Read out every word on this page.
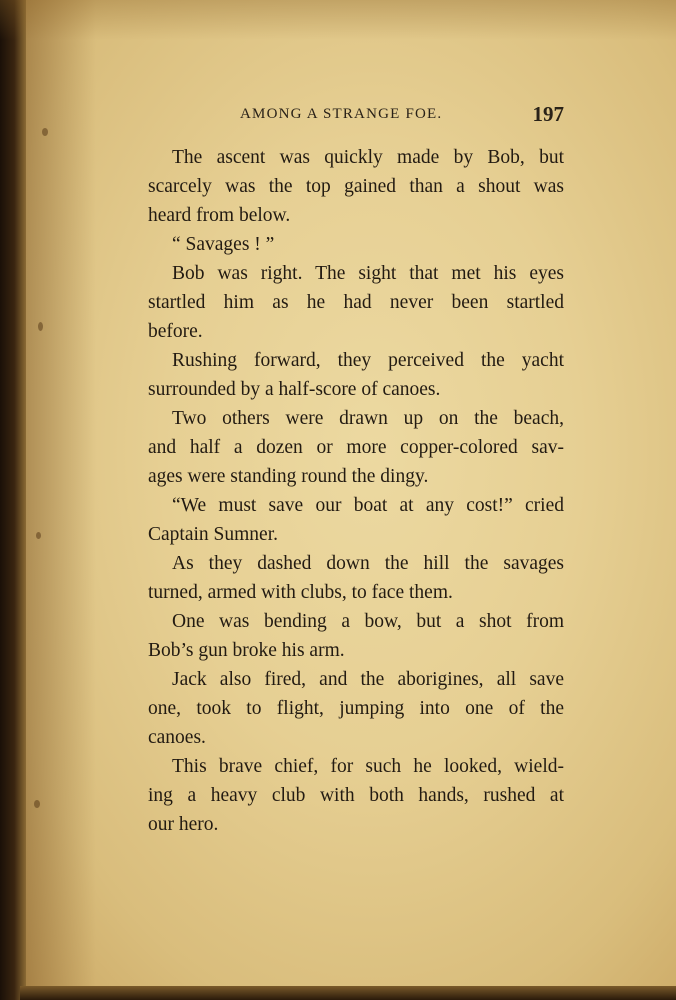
AMONG A STRANGE FOE.	197
The ascent was quickly made by Bob, but
scarcely was the top gained than a shout was
heard from below.
“ Savages ! ”
Bob was right. The sight that met his eyes
startled him as he had never been startled
before.
Rushing forward, they perceived the yacht
surrounded by a half-score of canoes.
Two others were drawn up on the beach,
and half a dozen or more copper-colored sav-
ages were standing round the dingy.
“We must save our boat at any cost!” cried
Captain Sumner.
As they dashed down the hill the savages
turned, armed with clubs, to face them.
One was bending a bow, but a shot from
Bob’s gun broke his arm.
Jack also fired, and the aborigines, all save
one, took to flight, jumping into one of the
canoes.
This brave chief, for such he looked, wield-
ing a heavy club with both hands, rushed at
our hero.
